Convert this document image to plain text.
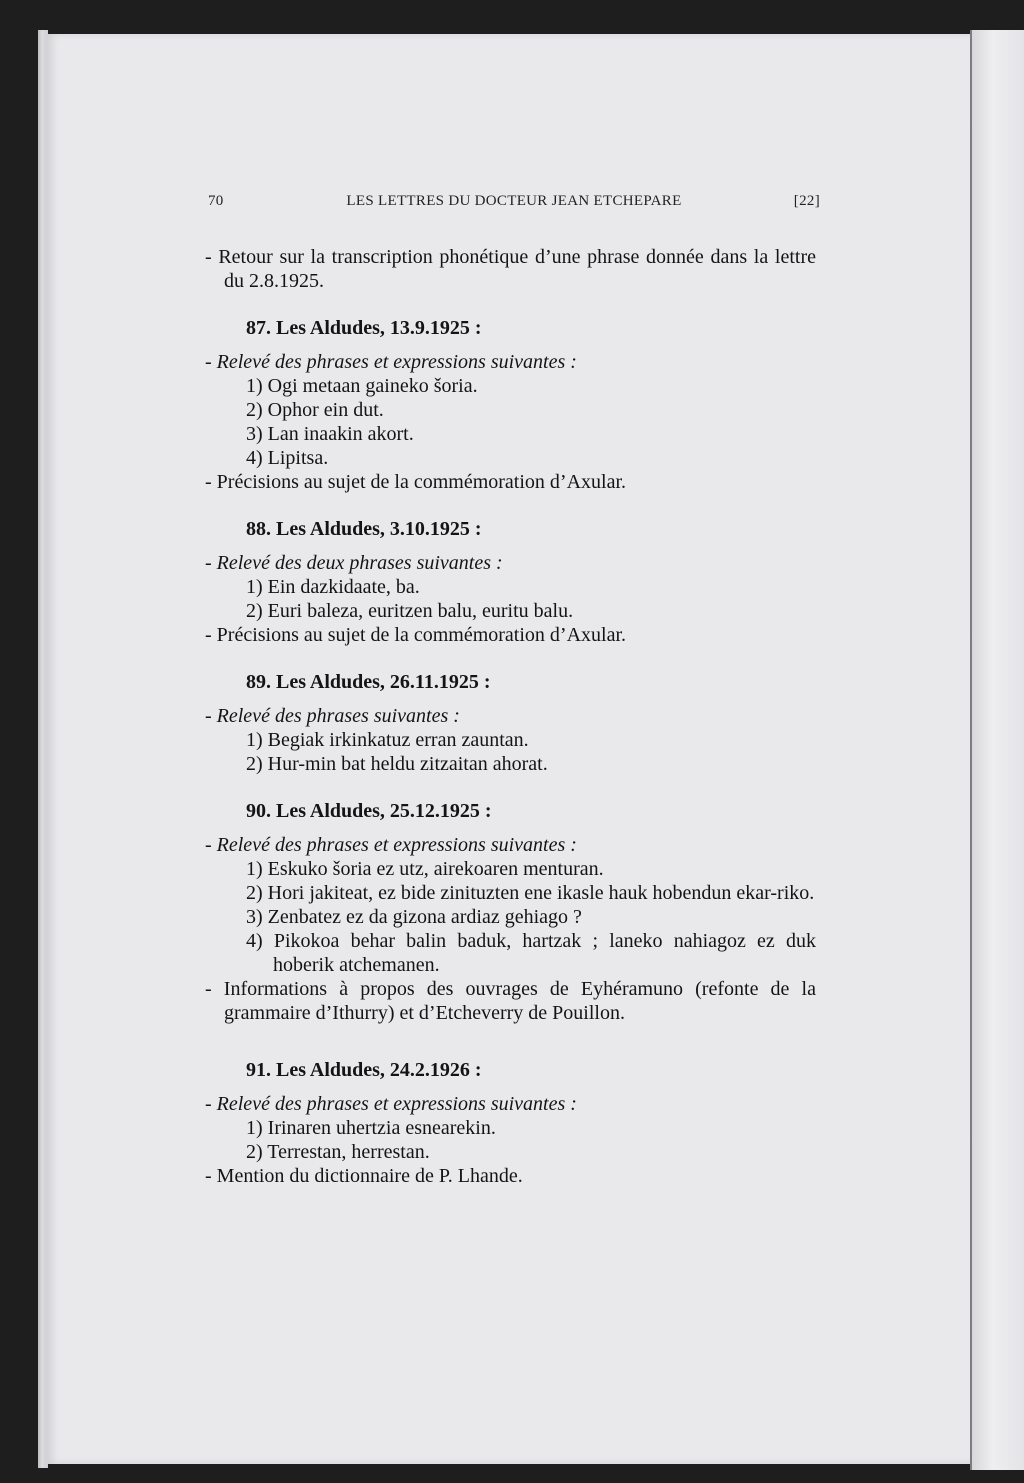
70	LES LETTRES DU DOCTEUR JEAN ETCHEPARE	[22]
- Retour sur la transcription phonétique d’une phrase donnée dans la lettre du 2.8.1925.
87. Les Aldudes, 13.9.1925 :
- Relevé des phrases et expressions suivantes :
1) Ogi metaan gaineko šoria.
2) Ophor ein dut.
3) Lan inaakin akort.
4) Lipitsa.
- Précisions au sujet de la commémoration d’Axular.
88. Les Aldudes, 3.10.1925 :
- Relevé des deux phrases suivantes :
1) Ein dazkidaate, ba.
2) Euri baleza, euritzen balu, euritu balu.
- Précisions au sujet de la commémoration d’Axular.
89. Les Aldudes, 26.11.1925 :
- Relevé des phrases suivantes :
1) Begiak irkinkatuz erran zauntan.
2) Hur-min bat heldu zitzaitan ahorat.
90. Les Aldudes, 25.12.1925 :
- Relevé des phrases et expressions suivantes :
1) Eskuko šoria ez utz, airekoaren menturan.
2) Hori jakiteat, ez bide zinituzten ene ikasle hauk hobendun ekar-riko.
3) Zenbatez ez da gizona ardiaz gehiago ?
4) Pikokoa behar balin baduk, hartzak ; laneko nahiagoz ez duk hoberik atchemanen.
- Informations à propos des ouvrages de Eyhéramuno (refonte de la grammaire d’Ithurry) et d’Etcheverry de Pouillon.
91. Les Aldudes, 24.2.1926 :
- Relevé des phrases et expressions suivantes :
1) Irinaren uhertzia esnearekin.
2) Terrestan, herrestan.
- Mention du dictionnaire de P. Lhande.
